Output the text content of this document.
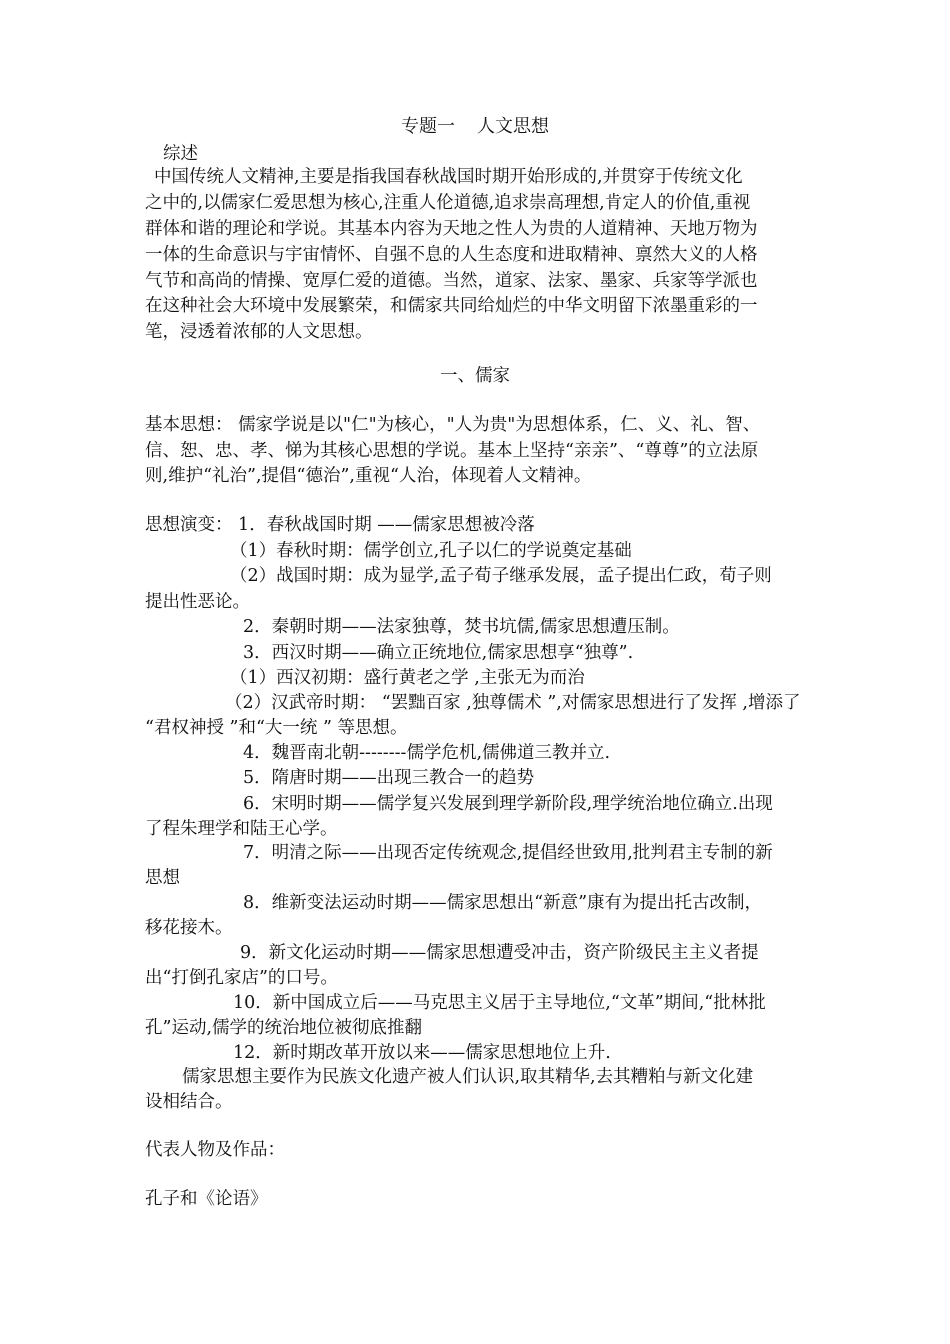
专题一 人文思想
综述
中国传统人文精神,主要是指我国春秋战国时期开始形成的,并贯穿于传统文化
之中的,以儒家仁爱思想为核心,注重人伦道德,追求崇高理想,肯定人的价值,重视
群体和谐的理论和学说。其基本内容为天地之性人为贵的人道精神、天地万物为
一体的生命意识与宇宙情怀、自强不息的人生态度和进取精神、禀然大义的人格
气节和高尚的情操、宽厚仁爱的道德。当然，道家、法家、墨家、兵家等学派也
在这种社会大环境中发展繁荣，和儒家共同给灿烂的中华文明留下浓墨重彩的一
笔，浸透着浓郁的人文思想。
一、儒家
基本思想： 儒家学说是以"仁"为核心，"人为贵"为思想体系，仁、义、礼、智、
信、恕、忠、孝、悌为其核心思想的学说。基本上坚持“亲亲”、“尊尊”的立法原
则,维护“礼治”,提倡“德治”,重视“人治，体现着人文精神。
思想演变： 1．春秋战国时期 ——儒家思想被冷落
（1）春秋时期：儒学创立,孔子以仁的学说奠定基础
（2）战国时期：成为显学,孟子荀子继承发展，孟子提出仁政，荀子则
提出性恶论。
2．秦朝时期——法家独尊，焚书坑儒,儒家思想遭压制。
3．西汉时期——确立正统地位,儒家思想享“独尊”.
（1）西汉初期：盛行黄老之学 ,主张无为而治
（2）汉武帝时期： “罢黜百家 ,独尊儒术 ”,对儒家思想进行了发挥 ,增添了
“君权神授 ”和“大一统 ” 等思想。
4．魏晋南北朝--------儒学危机,儒佛道三教并立.
5．隋唐时期——出现三教合一的趋势
6．宋明时期——儒学复兴发展到理学新阶段,理学统治地位确立.出现
了程朱理学和陆王心学。
7．明清之际——出现否定传统观念,提倡经世致用,批判君主专制的新
思想
8．维新变法运动时期——儒家思想出“新意”康有为提出托古改制，
移花接木。
9．新文化运动时期——儒家思想遭受冲击，资产阶级民主主义者提
出“打倒孔家店”的口号。
10．新中国成立后——马克思主义居于主导地位,“文革”期间,“批林批
孔”运动,儒学的统治地位被彻底推翻
12．新时期改革开放以来——儒家思想地位上升.
儒家思想主要作为民族文化遗产被人们认识,取其精华,去其糟粕与新文化建
设相结合。
代表人物及作品：
孔子和《论语》
